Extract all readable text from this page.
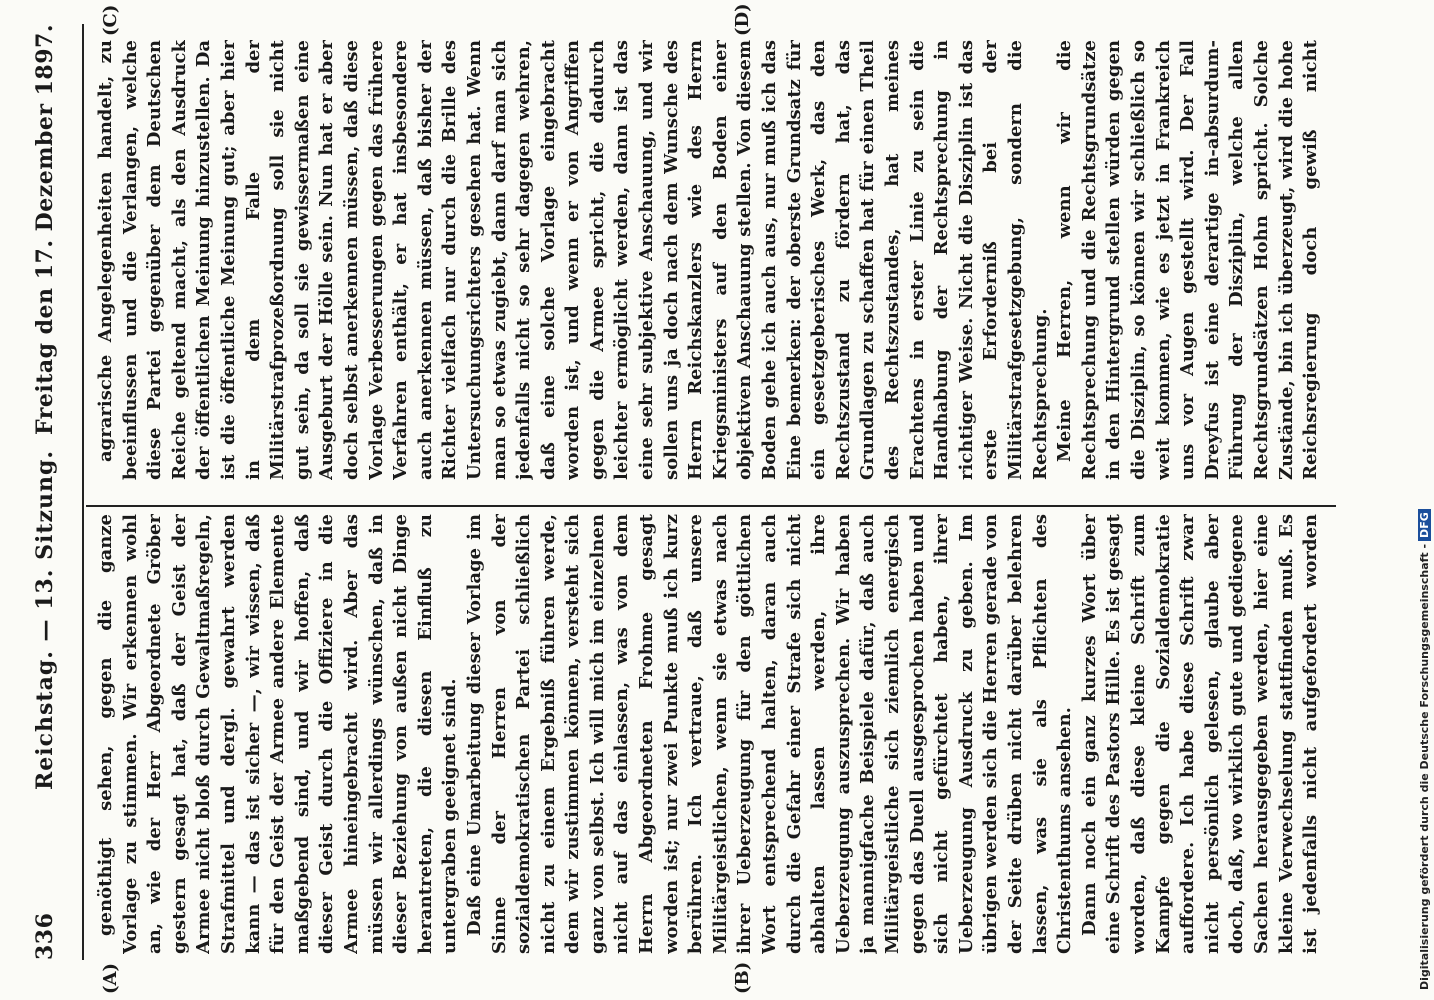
336
Reichstag. — 13. Sitzung.
Freitag den 17. Dezember 1897.
(A)	(B)
(C)	(D)

genöthigt sehen, gegen die ganze Vorlage zu stimmen. Wir erkennen wohl an, wie der Herr Abgeordnete Gröber gestern gesagt hat, daß der Geist der Armee nicht bloß durch Gewaltmaßregeln, Strafmittel und dergl. gewahrt werden kann — das ist sicher —, wir wissen, daß für den Geist der Armee andere Elemente maßgebend sind, und wir hoffen, daß dieser Geist durch die Offiziere in die Armee hineingebracht wird. Aber das müssen wir allerdings wünschen, daß in dieser Beziehung von außen nicht Dinge herantreten, die diesen Einfluß zu untergraben geeignet sind. Daß eine Umarbeitung dieser Vorlage im Sinne der Herren von der sozialdemokratischen Partei schließlich nicht zu einem Ergebniß führen werde, dem wir zustimmen können, versteht sich ganz von selbst. Ich will mich im einzelnen nicht auf das einlassen, was von dem Herrn Abgeordneten Frohme gesagt worden ist; nur zwei Punkte muß ich kurz berühren. Ich vertraue, daß unsere Militärgeistlichen, wenn sie etwas nach ihrer Ueberzeugung für den göttlichen Wort entsprechend halten, daran auch durch die Gefahr einer Strafe sich nicht abhalten lassen werden, ihre Ueberzeugung auszusprechen. Wir haben ja mannigfache Beispiele dafür, daß auch Militärgeistliche sich ziemlich energisch gegen das Duell ausgesprochen haben und sich nicht gefürchtet haben, ihrer Ueberzeugung Ausdruck zu geben. Im übrigen werden sich die Herren gerade von der Seite drüben nicht darüber belehren lassen, was sie als Pflichten des Christenthums ansehen. Dann noch ein ganz kurzes Wort über eine Schrift des Pastors Hille. Es ist gesagt worden, daß diese kleine Schrift zum Kampfe gegen die Sozialdemokratie auffordere. Ich habe diese Schrift zwar nicht persönlich gelesen, glaube aber doch, daß, wo wirklich gute und gediegene Sachen herausgegeben werden, hier eine kleine Verwechselung stattfinden muß. Es ist jedenfalls nicht aufgefordert worden

agrarische Angelegenheiten handelt, zu beeinflussen und die Verlangen, welche diese Partei gegenüber dem Deutschen Reiche geltend macht, als den Ausdruck der öffentlichen Meinung hinzustellen. Da ist die öffentliche Meinung gut; aber hier in dem Falle der Militärstrafprozeßordnung soll sie nicht gut sein, da soll sie gewissermaßen eine Ausgeburt der Hölle sein. Nun hat er aber doch selbst anerkennen müssen, daß diese Vorlage Verbesserungen gegen das frühere Verfahren enthält, er hat insbesondere auch anerkennen müssen, daß bisher der Richter vielfach nur durch die Brille des Untersuchungsrichters gesehen hat. Wenn man so etwas zugiebt, dann darf man sich jedenfalls nicht so sehr dagegen wehren, daß eine solche Vorlage eingebracht worden ist, und wenn er von Angriffen gegen die Armee spricht, die dadurch leichter ermöglicht werden, dann ist das eine sehr subjektive Anschauung, und wir sollen uns ja doch nach dem Wunsche des Herrn Reichskanzlers wie des Herrn Kriegsministers auf den Boden einer objektiven Anschauung stellen. Von diesem Boden gehe ich auch aus, nur muß ich das Eine bemerken: der oberste Grundsatz für ein gesetzgeberisches Werk, das den Rechtszustand zu fördern hat, das Grundlagen zu schaffen hat für einen Theil des Rechtszustandes, hat meines Erachtens in erster Linie zu sein die Handhabung der Rechtsprechung in richtiger Weise. Nicht die Disziplin ist das erste Erforderniß bei der Militärstrafgesetzgebung, sondern die Rechtsprechung. Meine Herren, wenn wir die Rechtsprechung und die Rechtsgrundsätze in den Hintergrund stellen würden gegen die Disziplin, so können wir schließlich so weit kommen, wie es jetzt in Frankreich uns vor Augen gestellt wird. Der Fall Dreyfus ist eine derartige in-absurdum-Führung der Disziplin, welche allen Rechtsgrundsätzen Hohn spricht. Solche Zustände, bin ich überzeugt, wird die hohe Reichsregierung doch gewiß nicht

Digitalisierung gefördert durch die Deutsche Forschungsgemeinschaft -DFG
